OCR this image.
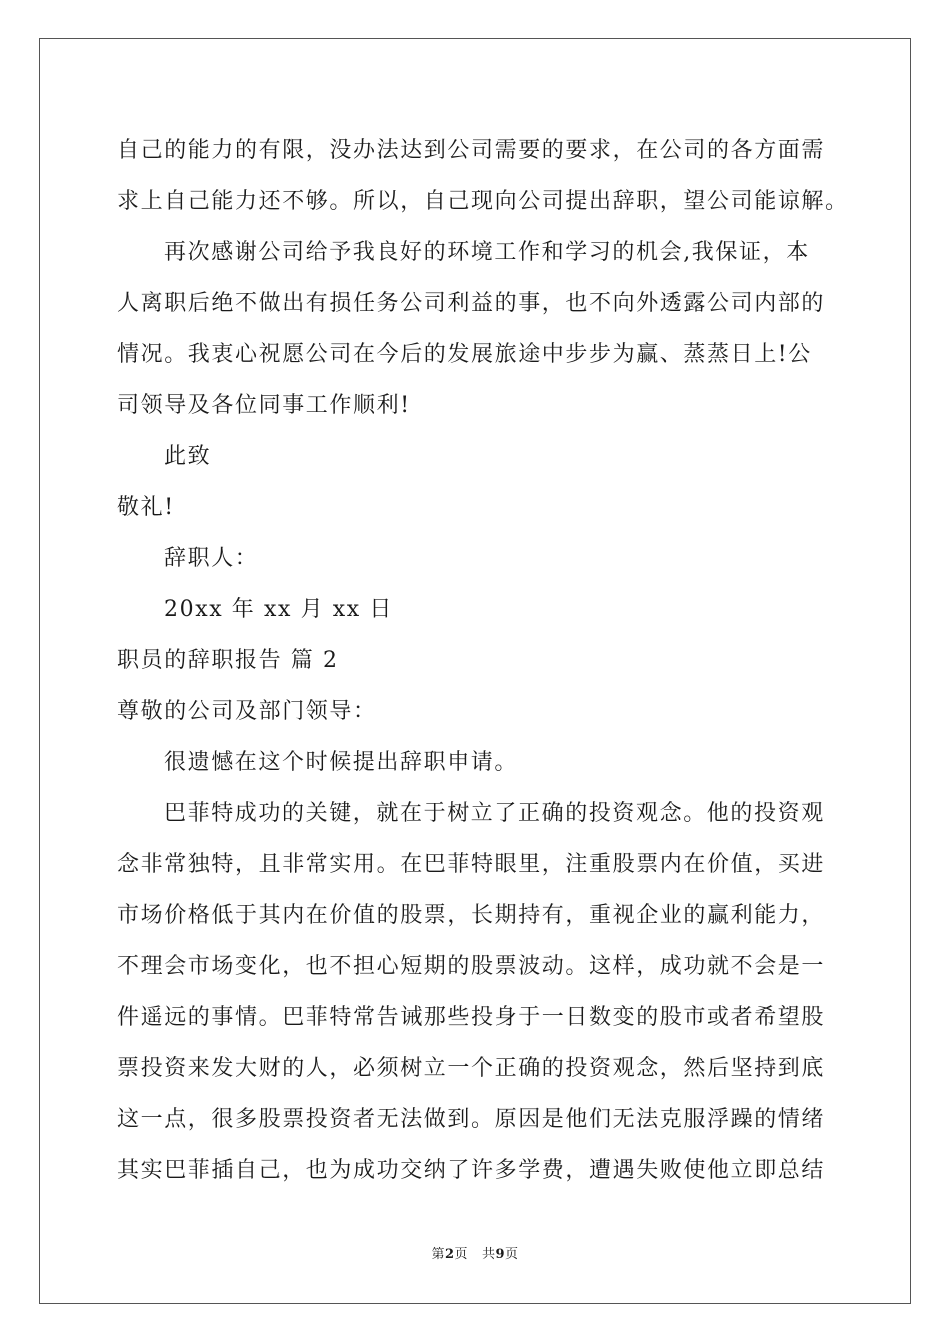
自己的能力的有限，没办法达到公司需要的要求，在公司的各方面需
求上自己能力还不够。所以，自己现向公司提出辞职，望公司能谅解。
再次感谢公司给予我良好的环境工作和学习的机会,我保证，本
人离职后绝不做出有损任务公司利益的事，也不向外透露公司内部的
情况。我衷心祝愿公司在今后的发展旅途中步步为赢、蒸蒸日上!公
司领导及各位同事工作顺利!
此致
敬礼!
辞职人：
20xx 年 xx 月 xx 日
职员的辞职报告 篇 2
尊敬的公司及部门领导：
很遗憾在这个时候提出辞职申请。
巴菲特成功的关键，就在于树立了正确的投资观念。他的投资观
念非常独特，且非常实用。在巴菲特眼里，注重股票内在价值，买进
市场价格低于其内在价值的股票，长期持有，重视企业的赢利能力，
不理会市场变化，也不担心短期的股票波动。这样，成功就不会是一
件遥远的事情。巴菲特常告诫那些投身于一日数变的股市或者希望股
票投资来发大财的人，必须树立一个正确的投资观念，然后坚持到底
这一点，很多股票投资者无法做到。原因是他们无法克服浮躁的情绪
其实巴菲插自己，也为成功交纳了许多学费，遭遇失败使他立即总结
第2页 共9页
